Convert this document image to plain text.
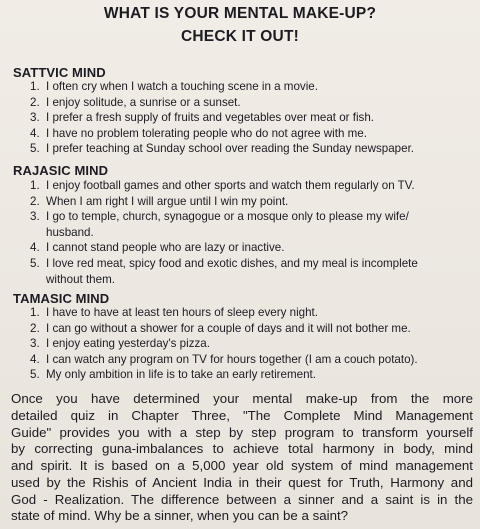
WHAT IS YOUR MENTAL MAKE-UP?
CHECK IT OUT!
SATTVIC MIND
1. I often cry when I watch a touching scene in a movie.
2. I enjoy solitude, a sunrise or a sunset.
3. I prefer a fresh supply of fruits and vegetables over meat or fish.
4. I have no problem tolerating people who do not agree with me.
5. I prefer teaching at Sunday school over reading the Sunday newspaper.
RAJASIC MIND
1. I enjoy football games and other sports and watch them regularly on TV.
2. When I am right I will argue until I win my point.
3. I go to temple, church, synagogue or a mosque only to please my wife/
husband.
4. I cannot stand people who are lazy or inactive.
5. I love red meat, spicy food and exotic dishes, and my meal is incomplete
without them.
TAMASIC MIND
1. I have to have at least ten hours of sleep every night.
2. I can go without a shower for a couple of days and it will not bother me.
3. I enjoy eating yesterday's pizza.
4. I can watch any program on TV for hours together (I am a couch potato).
5. My only ambition in life is to take an early retirement.

Once you have determined your mental make-up from the more
detailed quiz in Chapter Three, "The Complete Mind Management
Guide" provides you with a step by step program to transform yourself
by correcting guna-imbalances to achieve total harmony in body, mind
and spirit. It is based on a 5,000 year old system of mind management
used by the Rishis of Ancient India in their quest for Truth, Harmony and
God - Realization. The difference between a sinner and a saint is in the
state of mind. Why be a sinner, when you can be a saint?
